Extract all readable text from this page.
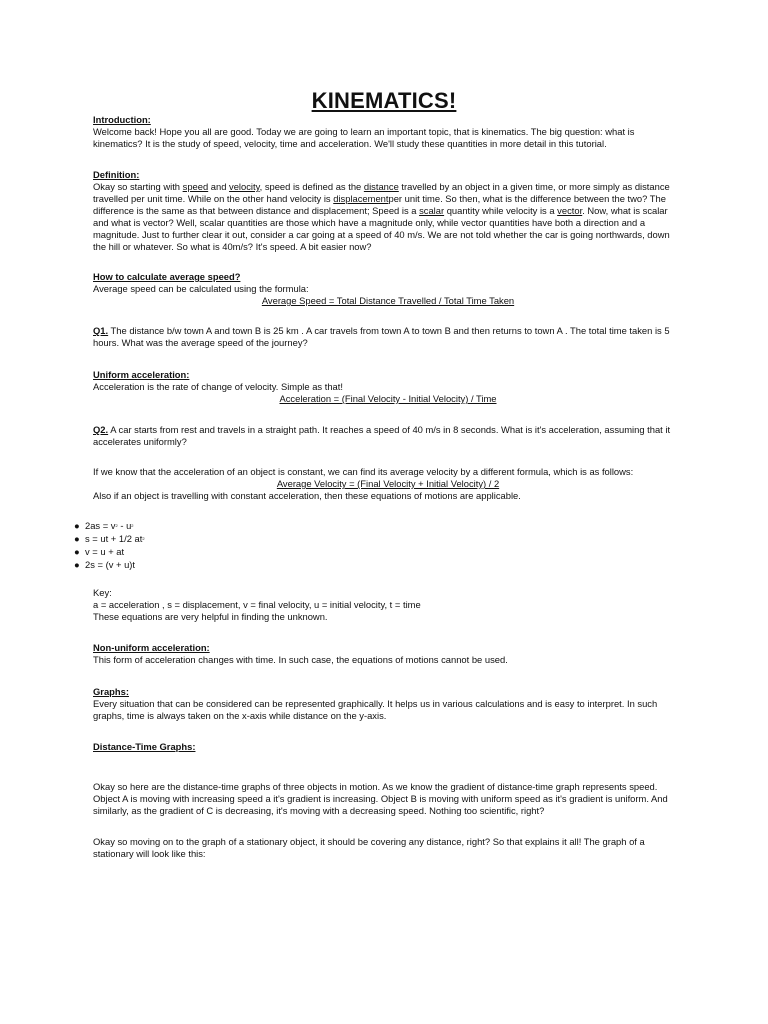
KINEMATICS!
Introduction:
Welcome back! Hope you all are good. Today we are going to learn an important topic, that is kinematics. The big question: what is kinematics? It is the study of speed, velocity, time and acceleration. We'll study these quantities in more detail in this tutorial.
Definition:
Okay so starting with speed and velocity, speed is defined as the distance travelled by an object in a given time, or more simply as distance travelled per unit time. While on the other hand velocity is displacementper unit time. So then, what is the difference between the two? The difference is the same as that between distance and displacement; Speed is a scalar quantity while velocity is a vector. Now, what is scalar and what is vector? Well, scalar quantities are those which have a magnitude only, while vector quantities have both a direction and a magnitude. Just to further clear it out, consider a car going at a speed of 40 m/s. We are not told whether the car is going northwards, down the hill or whatever. So what is 40m/s? It's speed. A bit easier now?
How to calculate average speed?
Average speed can be calculated using the formula:
Average Speed = Total Distance Travelled / Total Time Taken
Q1. The distance b/w town A and town B is 25 km . A car travels from town A to town B and then returns to town A . The total time taken is 5 hours. What was the average speed of the journey?
Uniform acceleration:
Acceleration is the rate of change of velocity. Simple as that!
Acceleration = (Final Velocity - Initial Velocity) / Time
Q2. A car starts from rest and travels in a straight path. It reaches a speed of 40 m/s in 8 seconds. What is it's acceleration, assuming that it accelerates uniformly?
If we know that the acceleration of an object is constant, we can find its average velocity by a different formula, which is as follows:
Average Velocity = (Final Velocity + Initial Velocity) / 2
Also if an object is travelling with constant acceleration, then these equations of motions are applicable.
● $2as = v^2 - u^2$
● s = ut + 1/2 $at^2$
● v = u + at
● 2s = (v + u)t
Key:
a = acceleration , s = displacement, v = final velocity, u = initial velocity, t = time
These equations are very helpful in finding the unknown.
Non-uniform acceleration:
This form of acceleration changes with time. In such case, the equations of motions cannot be used.
Graphs:
Every situation that can be considered can be represented graphically. It helps us in various calculations and is easy to interpret. In such graphs, time is always taken on the x-axis while distance on the y-axis.
Distance-Time Graphs:
Okay so here are the distance-time graphs of three objects in motion. As we know the gradient of distance-time graph represents speed. Object A is moving with increasing speed a it's gradient is increasing. Object B is moving with uniform speed as it's gradient is uniform. And similarly, as the gradient of C is decreasing, it's moving with a decreasing speed. Nothing too scientific, right?
Okay so moving on to the graph of a stationary object, it should be covering any distance, right? So that explains it all! The graph of a stationary will look like this:
